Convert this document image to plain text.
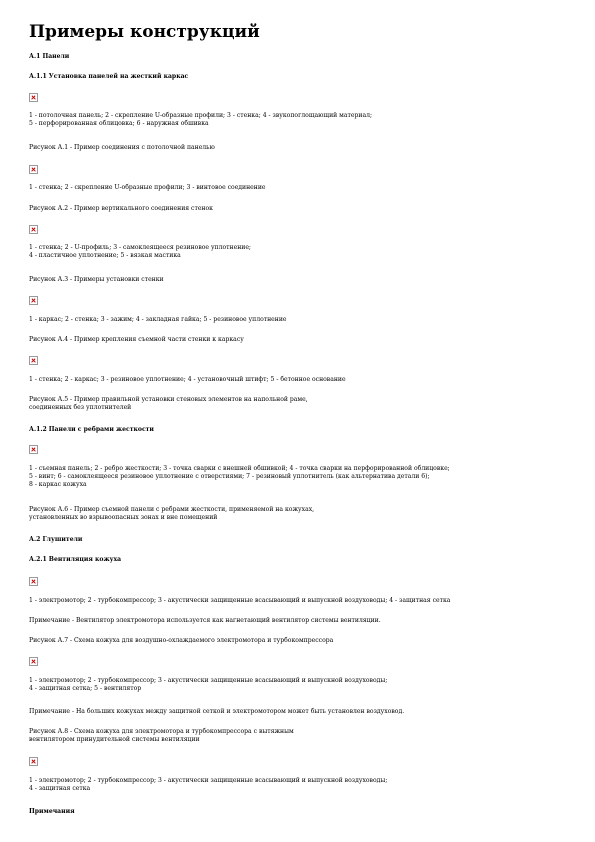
Примеры конструкций
А.1 Панели
А.1.1 Установка панелей на жесткий каркас
1 - потолочная панель; 2 - скрепление U-образные профили; 3 - стенка; 4 - звукопоглощающий материал;
5 - перфорированная облицовка; 6 - наружная обшивка
Рисунок А.1 - Пример соединения с потолочной панелью
1 - стенка; 2 - скрепление U-образные профили; 3 - винтовое соединение
Рисунок А.2 - Пример вертикального соединения стенок
1 - стенка; 2 - U-профиль; 3 - самоклеящееся резиновое уплотнение;
4 - пластичное уплотнение; 5 - вязкая мастика
Рисунок А.3 - Примеры установки стенки
1 - каркас; 2 - стенка; 3 - зажим; 4 - закладная гайка; 5 - резиновое уплотнение
Рисунок А.4 - Пример крепления съемной части стенки к каркасу
1 - стенка; 2 - каркас; 3 - резиновое уплотнение; 4 - установочный штифт; 5 - бетонное основание
Рисунок А.5 - Пример правильной установки стеновых элементов на напольной раме,
соединенных без уплотнителей
А.1.2 Панели с ребрами жесткости
1 - съемная панель; 2 - ребро жесткости; 3 - точка сварки с внешней обшивкой; 4 - точка сварки на перфорированной облицовке;
5 - винт; 6 - самоклеящееся резиновое уплотнение с отверстиями; 7 - резиновый уплотнитель (как альтернатива детали 6);
8 - каркас кожуха
Рисунок А.6 - Пример съемной панели с ребрами жесткости, применяемой на кожухах,
установленных во взрывоопасных зонах и вне помещений
А.2 Глушители
А.2.1 Вентиляция кожуха
1 - электромотор; 2 - турбокомпрессор; 3 - акустически защищенные всасывающий и выпускной воздуховоды; 4 - защитная сетка
Примечание - Вентилятор электромотора используется как нагнетающий вентилятор системы вентиляции.
Рисунок А.7 - Схема кожуха для воздушно-охлаждаемого электромотора и турбокомпрессора
1 - электромотор; 2 - турбокомпрессор; 3 - акустически защищенные всасывающий и выпускной воздуховоды;
4 - защитная сетка; 5 - вентилятор
Примечание - На больших кожухах между защитной сеткой и электромотором может быть установлен воздуховод.
Рисунок А.8 - Схема кожуха для электромотора и турбокомпрессора с вытяжным
вентилятором принудительной системы вентиляции
1 - электромотор; 2 - турбокомпрессор; 3 - акустически защищенные всасывающий и выпускной воздуховоды;
4 - защитная сетка
Примечания
